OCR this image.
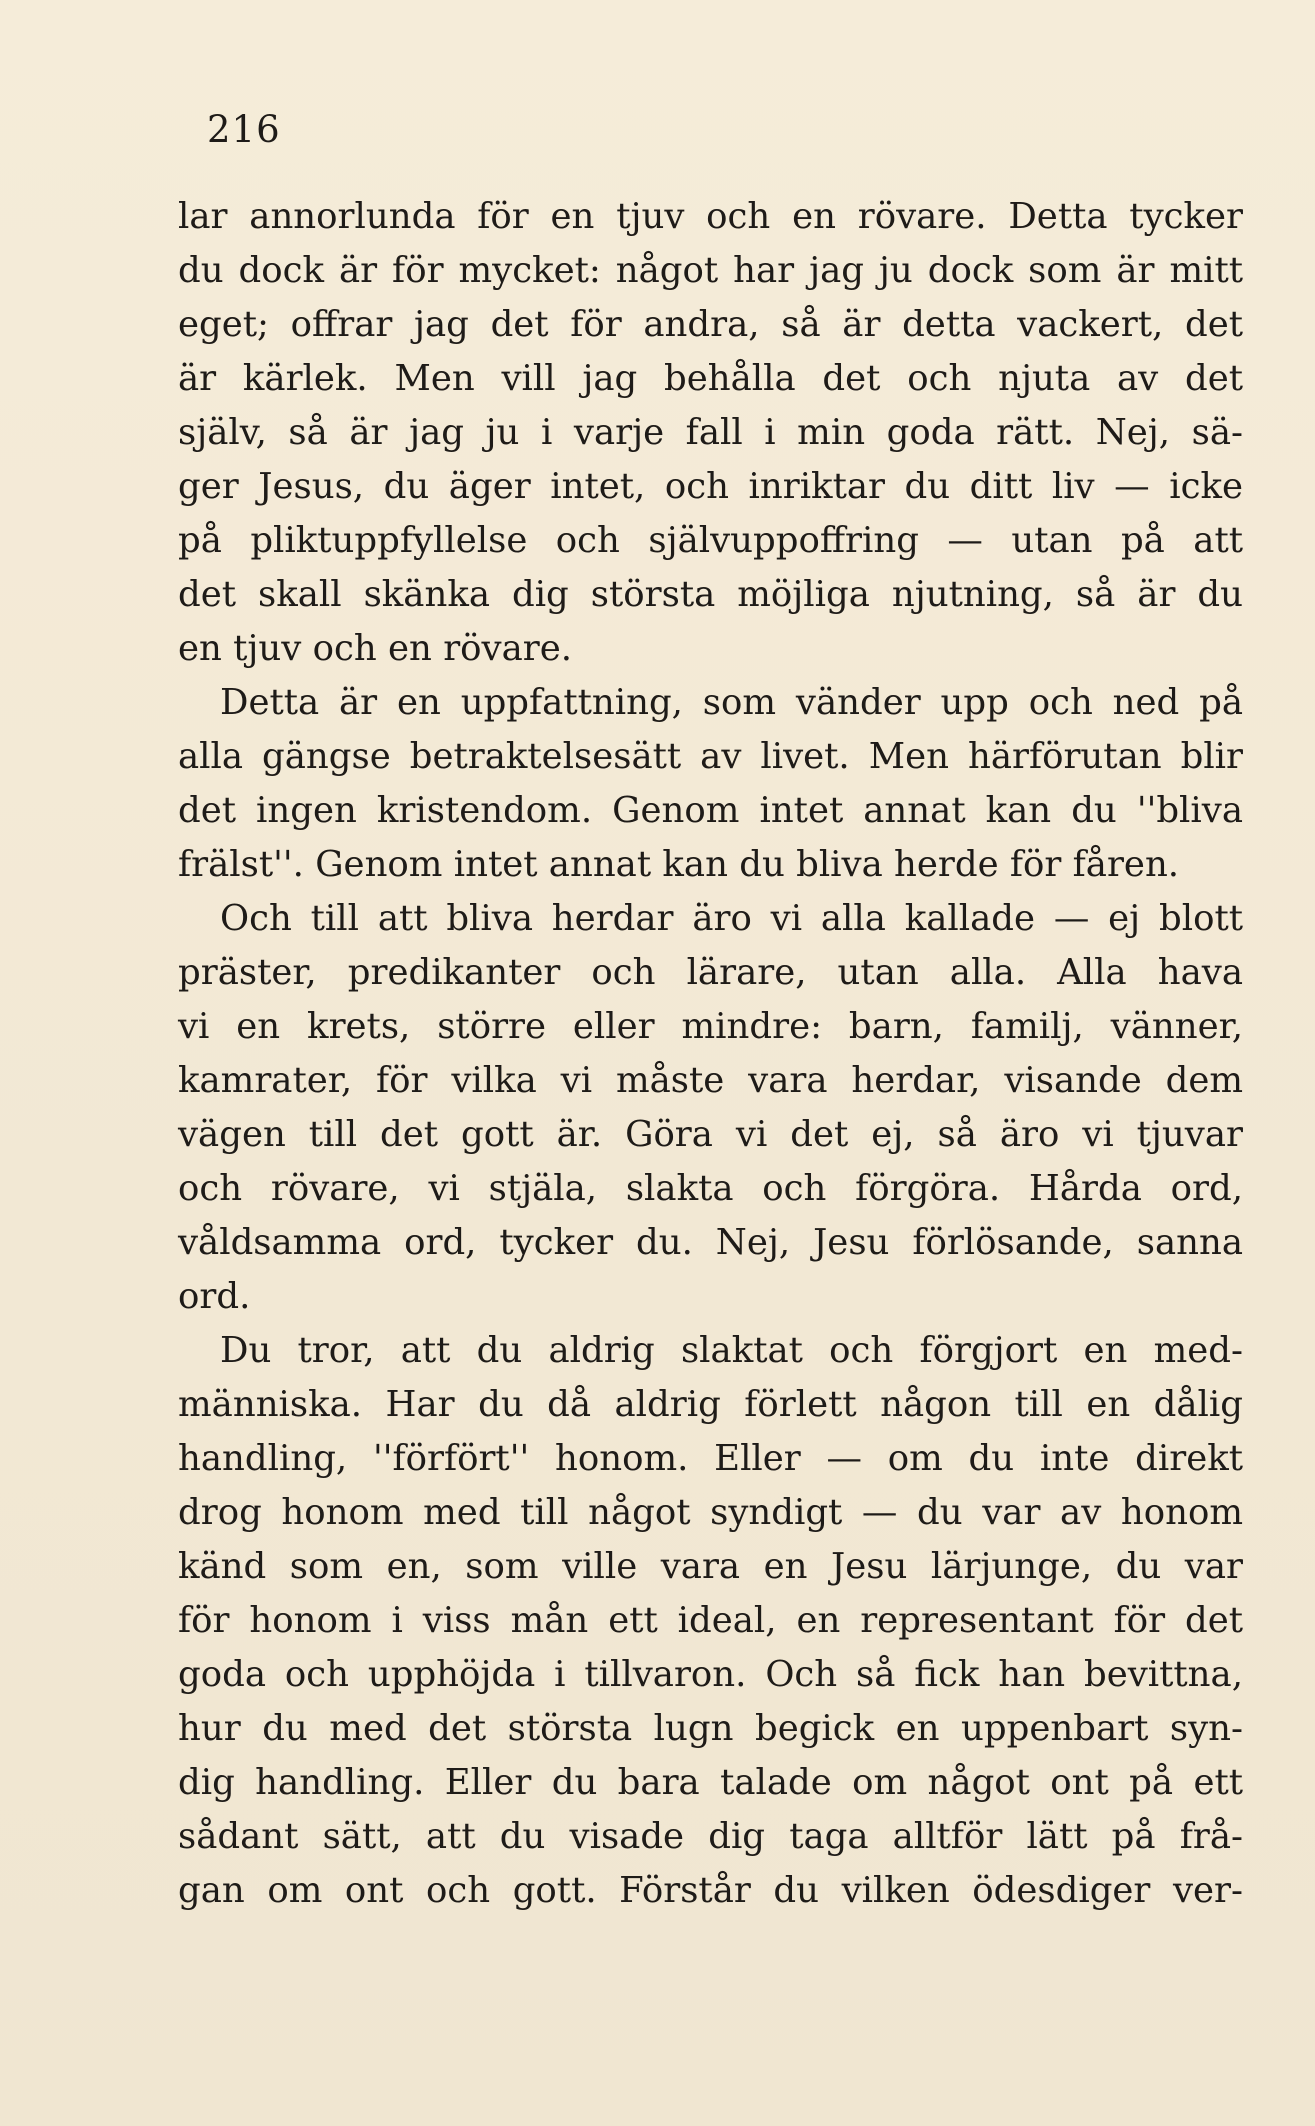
216
lar annorlunda för en tjuv och en rövare. Detta tycker
du dock är för mycket: något har jag ju dock som är mitt
eget; offrar jag det för andra, så är detta vackert, det
är kärlek. Men vill jag behålla det och njuta av det
själv, så är jag ju i varje fall i min goda rätt. Nej, sä-
ger Jesus, du äger intet, och inriktar du ditt liv — icke
på pliktuppfyllelse och självuppoffring — utan på att
det skall skänka dig största möjliga njutning, så är du
en tjuv och en rövare.
Detta är en uppfattning, som vänder upp och ned på
alla gängse betraktelsesätt av livet. Men härförutan blir
det ingen kristendom. Genom intet annat kan du ''bliva
frälst''. Genom intet annat kan du bliva herde för fåren.
Och till att bliva herdar äro vi alla kallade — ej blott
präster, predikanter och lärare, utan alla. Alla hava
vi en krets, större eller mindre: barn, familj, vänner,
kamrater, för vilka vi måste vara herdar, visande dem
vägen till det gott är. Göra vi det ej, så äro vi tjuvar
och rövare, vi stjäla, slakta och förgöra. Hårda ord,
våldsamma ord, tycker du. Nej, Jesu förlösande, sanna
ord.
Du tror, att du aldrig slaktat och förgjort en med-
människa. Har du då aldrig förlett någon till en dålig
handling, ''förfört'' honom. Eller — om du inte direkt
drog honom med till något syndigt — du var av honom
känd som en, som ville vara en Jesu lärjunge, du var
för honom i viss mån ett ideal, en representant för det
goda och upphöjda i tillvaron. Och så fick han bevittna,
hur du med det största lugn begick en uppenbart syn-
dig handling. Eller du bara talade om något ont på ett
sådant sätt, att du visade dig taga alltför lätt på frå-
gan om ont och gott. Förstår du vilken ödesdiger ver-
